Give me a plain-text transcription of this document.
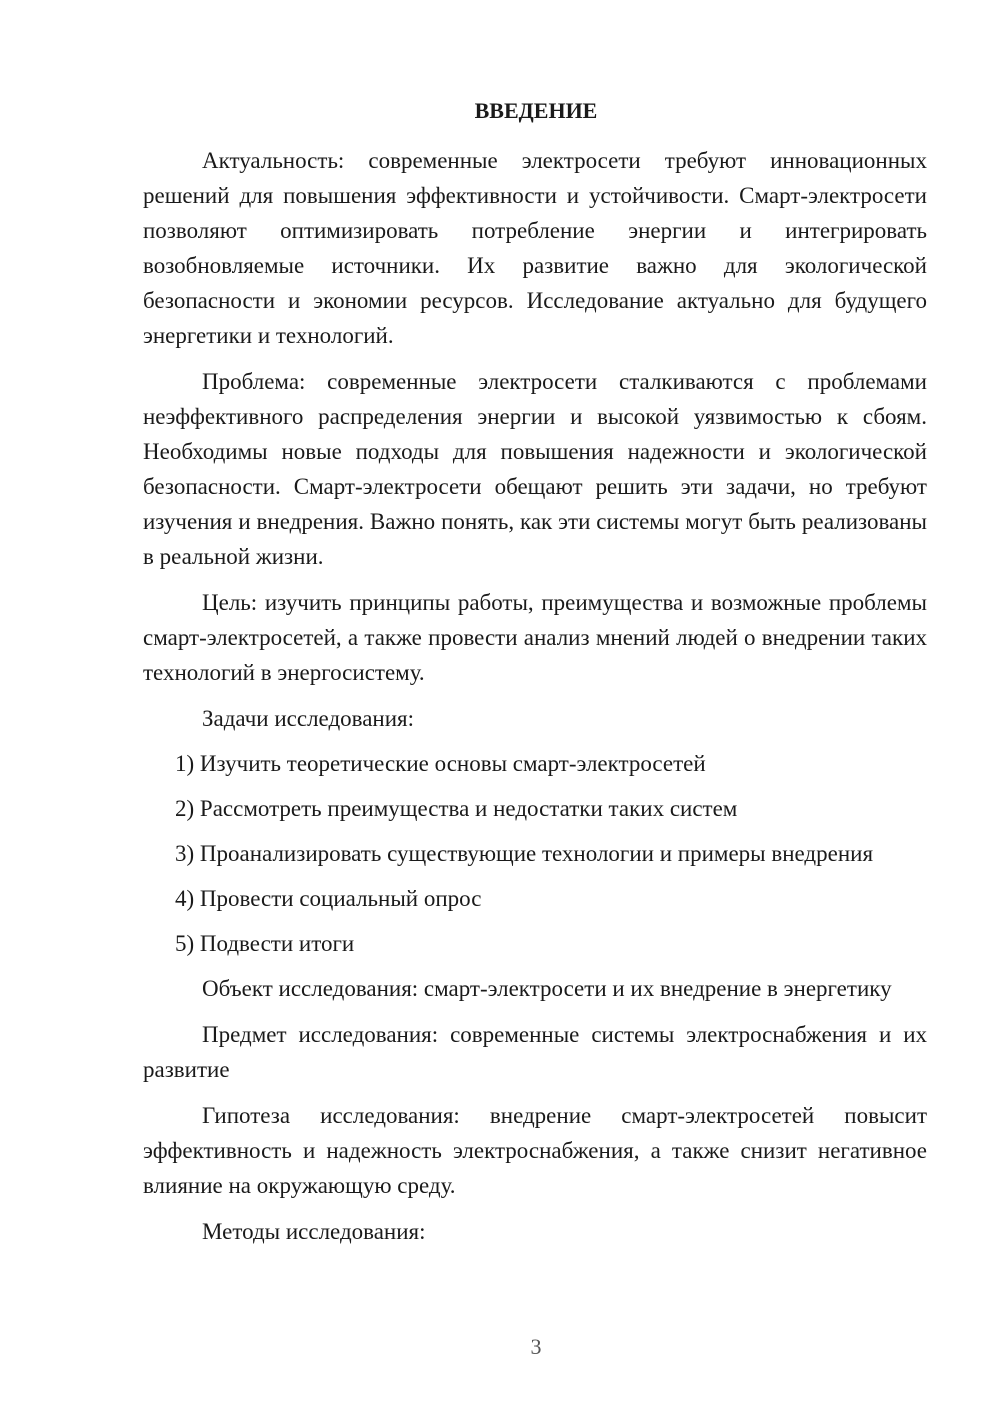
ВВЕДЕНИЕ

Актуальность: современные электросети требуют инновационных решений для повышения эффективности и устойчивости. Смарт-электросети позволяют оптимизировать потребление энергии и интегрировать возобновляемые источники. Их развитие важно для экологической безопасности и экономии ресурсов. Исследование актуально для будущего энергетики и технологий.

Проблема: современные электросети сталкиваются с проблемами неэффективного распределения энергии и высокой уязвимостью к сбоям. Необходимы новые подходы для повышения надежности и экологической безопасности. Смарт-электросети обещают решить эти задачи, но требуют изучения и внедрения. Важно понять, как эти системы могут быть реализованы в реальной жизни.

Цель: изучить принципы работы, преимущества и возможные проблемы смарт-электросетей, а также провести анализ мнений людей о внедрении таких технологий в энергосистему.

Задачи исследования:

1) Изучить теоретические основы смарт-электросетей

2) Рассмотреть преимущества и недостатки таких систем

3) Проанализировать существующие технологии и примеры внедрения

4) Провести социальный опрос

5) Подвести итоги

Объект исследования: смарт-электросети и их внедрение в энергетику

Предмет исследования: современные системы электроснабжения и их развитие

Гипотеза исследования: внедрение смарт-электросетей повысит эффективность и надежность электроснабжения, а также снизит негативное влияние на окружающую среду.

Методы исследования:

3
